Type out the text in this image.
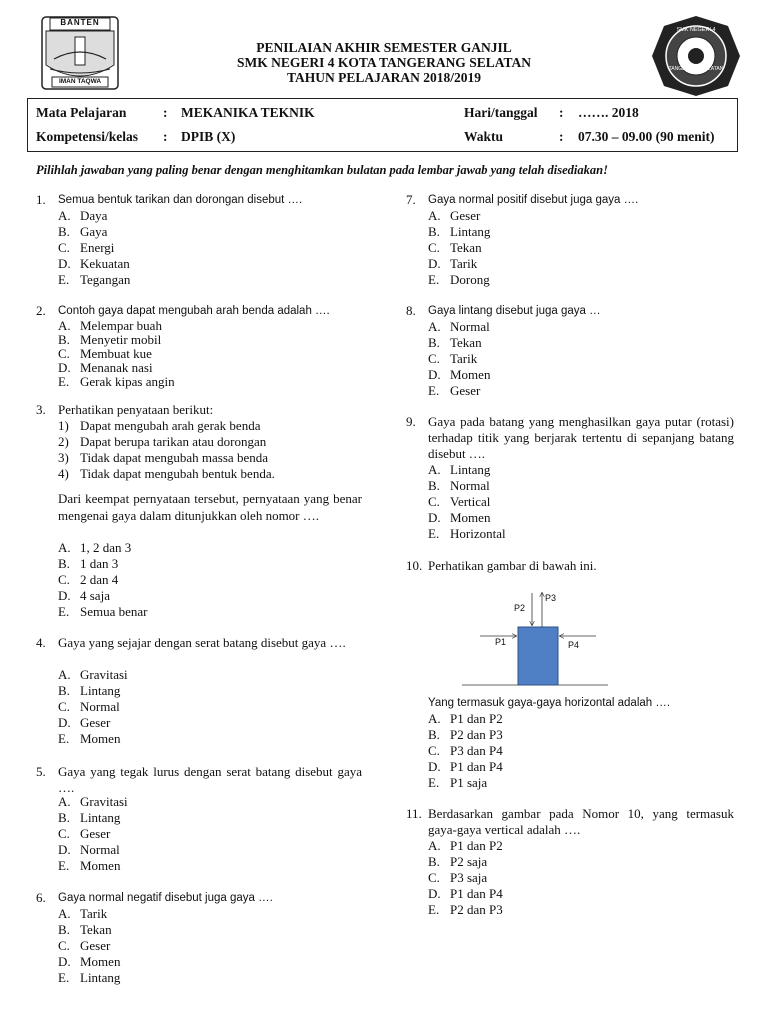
BANTEN
IMAN TAQWA
SMK NEGERI 4
TANGERANG SELATAN
PENILAIAN AKHIR SEMESTER GANJIL
SMK NEGERI 4 KOTA TANGERANG SELATAN
TAHUN PELAJARAN 2018/2019
Mata Pelajaran	: MEKANIKA TEKNIK	Hari/tanggal : ……. 2018
Kompetensi/kelas : DPIB (X)	Waktu	: 07.30 – 09.00 (90 menit)
Pilihlah jawaban yang paling benar dengan menghitamkan bulatan pada lembar jawab yang telah disediakan!
1. Semua bentuk tarikan dan dorongan disebut ….
A. Daya
B. Gaya
C. Energi
D. Kekuatan
E. Tegangan
2. Contoh gaya dapat mengubah arah benda adalah ….
A. Melempar buah
B. Menyetir mobil
C. Membuat kue
D. Menanak nasi
E. Gerak kipas angin
3. Perhatikan penyataan berikut:
1) Dapat mengubah arah gerak benda
2) Dapat berupa tarikan atau dorongan
3) Tidak dapat mengubah massa benda
4) Tidak dapat mengubah bentuk benda.
Dari keempat pernyataan tersebut, pernyataan yang benar mengenai gaya dalam ditunjukkan oleh nomor ….
A. 1, 2 dan 3
B. 1 dan 3
C. 2 dan 4
D. 4 saja
E. Semua benar
4. Gaya yang sejajar dengan serat batang disebut gaya ….
A. Gravitasi
B. Lintang
C. Normal
D. Geser
E. Momen
5. Gaya yang tegak lurus dengan serat batang disebut gaya ….
A. Gravitasi
B. Lintang
C. Geser
D. Normal
E. Momen
6. Gaya normal negatif disebut juga gaya ….
A. Tarik
B. Tekan
C. Geser
D. Momen
E. Lintang
7. Gaya normal positif disebut juga gaya ….
A. Geser
B. Lintang
C. Tekan
D. Tarik
E. Dorong
8. Gaya lintang disebut juga gaya …
A. Normal
B. Tekan
C. Tarik
D. Momen
E. Geser
9. Gaya pada batang yang menghasilkan gaya putar (rotasi) terhadap titik yang berjarak tertentu di sepanjang batang disebut ….
A. Lintang
B. Normal
C. Vertical
D. Momen
E. Horizontal
10. Perhatikan gambar di bawah ini.
P2
P3
P1	P4
Yang termasuk gaya-gaya horizontal adalah ….
A. P1 dan P2
B. P2 dan P3
C. P3 dan P4
D. P1 dan P4
E. P1 saja
11. Berdasarkan gambar pada Nomor 10, yang termasuk gaya-gaya vertical adalah ….
A. P1 dan P2
B. P2 saja
C. P3 saja
D. P1 dan P4
E. P2 dan P3
